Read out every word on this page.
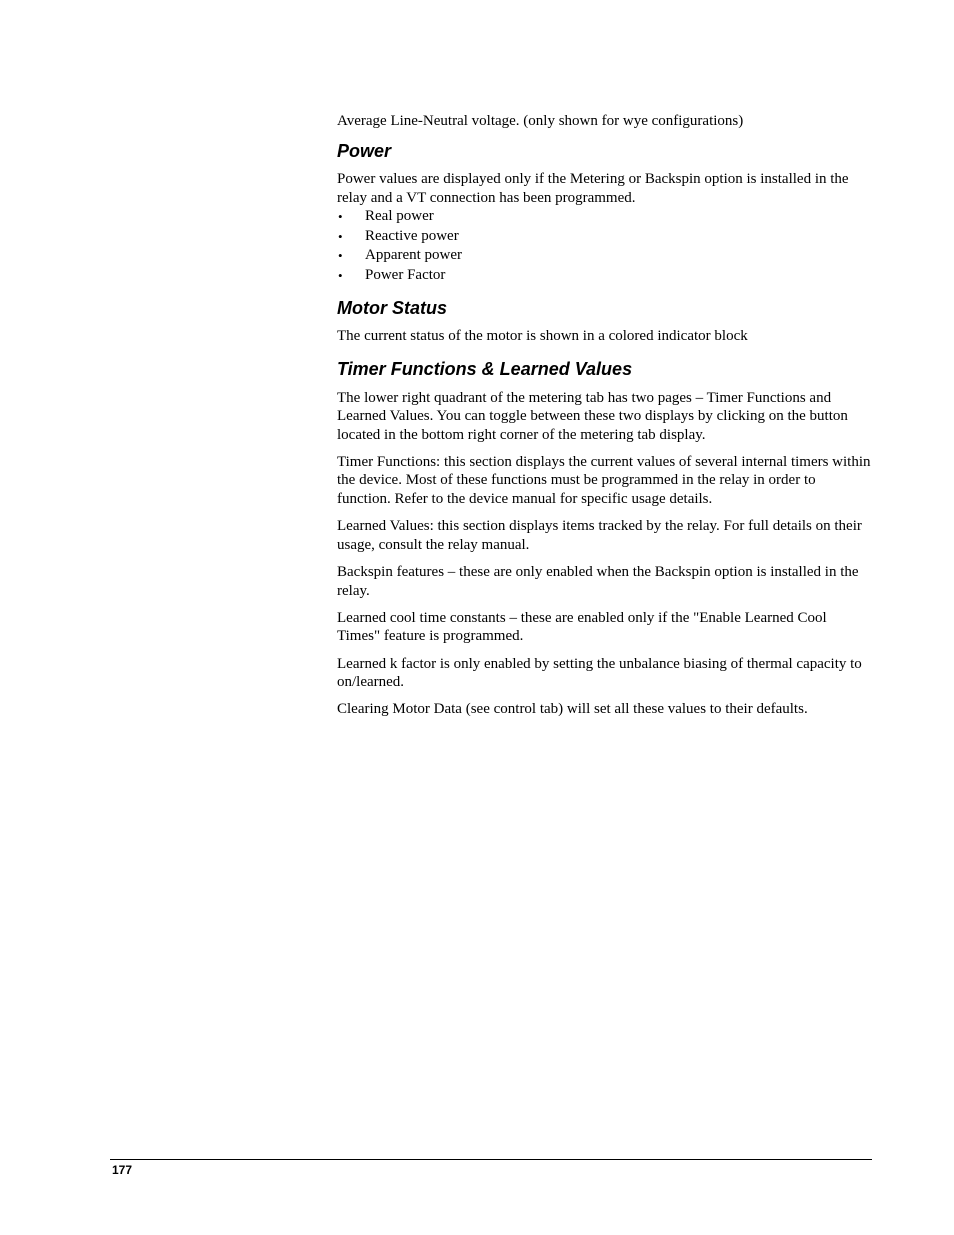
Average Line-Neutral voltage. (only shown for wye configurations)

Power

Power values are displayed only if the Metering or Backspin option is installed in the relay and a VT connection has been programmed.

• Real power
• Reactive power
• Apparent power
• Power Factor
Motor Status

The current status of the motor is shown in a colored indicator block

Timer Functions & Learned Values

The lower right quadrant of the metering tab has two pages – Timer Functions and Learned Values. You can toggle between these two displays by clicking on the button located in the bottom right corner of the metering tab display.

Timer Functions: this section displays the current values of several internal timers within the device. Most of these functions must be programmed in the relay in order to function. Refer to the device manual for specific usage details.

Learned Values: this section displays items tracked by the relay. For full details on their usage, consult the relay manual.

Backspin features – these are only enabled when the Backspin option is installed in the relay.

Learned cool time constants – these are enabled only if the "Enable Learned Cool Times" feature is programmed.

Learned k factor is only enabled by setting the unbalance biasing of thermal capacity to on/learned.

Clearing Motor Data (see control tab) will set all these values to their defaults.

177
